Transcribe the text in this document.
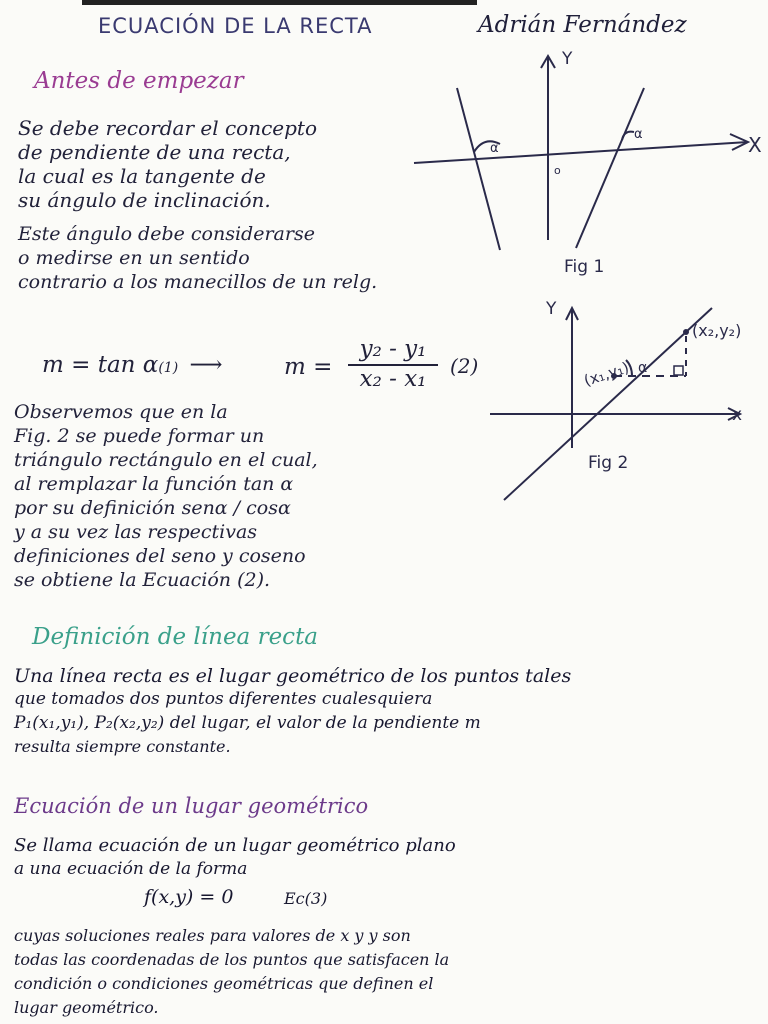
ECUACIÓN DE LA RECTA	Adrián Fernández
Antes de empezar
Se debe recordar el concepto
de pendiente de una recta,
la cual es la tangente de
su ángulo de inclinación.
Este ángulo debe considerarse
o medirse en un sentido
contrario a los manecillos de un relg.
m = tan α(1) ⟶	$m = \frac{\text{y₂ - y₁}}{\text{x₂ - x₁}} (2)$
Observemos que en la
Fig. 2 se puede formar un
triángulo rectángulo en el cual,
al remplazar la función tan α
por su definición senα / cosα
y a su vez las respectivas
definiciones del seno y coseno
se obtiene la Ecuación (2).
Y
X
o
α
α
Fig 1
Y
x
(x₁,y₁)
(x₂,y₂)
α
Fig 2
Definición de línea recta
Una línea recta es el lugar geométrico de los puntos tales
que tomados dos puntos diferentes cualesquiera
P₁(x₁,y₁), P₂(x₂,y₂) del lugar, el valor de la pendiente m
resulta siempre constante.
Ecuación de un lugar geométrico
Se llama ecuación de un lugar geométrico plano
a una ecuación de la forma
f(x,y) = 0	Ec(3)
cuyas soluciones reales para valores de x y y son
todas las coordenadas de los puntos que satisfacen la
condición o condiciones geométricas que definen el
lugar geométrico.
